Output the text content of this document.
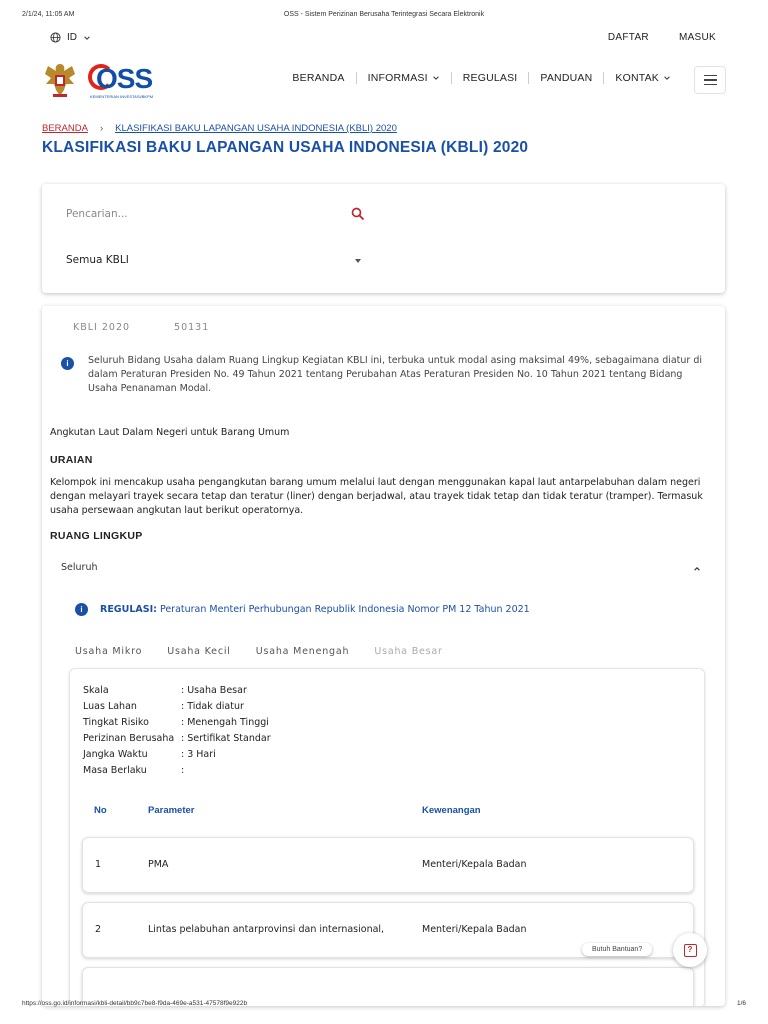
2/1/24, 11:05 AM	OSS - Sistem Perizinan Berusaha Terintegrasi Secara Elektronik
ID	DAFTAR	MASUK
OSS
KEMENTERIAN INVESTASI/BKPM
BERANDA INFORMASI	REGULASI PANDUAN KONTAK
BERANDA › KLASIFIKASI BAKU LAPANGAN USAHA INDONESIA (KBLI) 2020
KLASIFIKASI BAKU LAPANGAN USAHA INDONESIA (KBLI) 2020
Pencarian...
Semua KBLI
KBLI 2020	50131
i	Seluruh Bidang Usaha dalam Ruang Lingkup Kegiatan KBLI ini, terbuka untuk modal asing maksimal 49%, sebagaimana diatur di dalam Peraturan Presiden No. 49 Tahun 2021 tentang Perubahan Atas Peraturan Presiden No. 10 Tahun 2021 tentang Bidang Usaha Penanaman Modal.
Angkutan Laut Dalam Negeri untuk Barang Umum
URAIAN
Kelompok ini mencakup usaha pengangkutan barang umum melalui laut dengan menggunakan kapal laut antarpelabuhan dalam negeri dengan melayari trayek secara tetap dan teratur (liner) dengan berjadwal, atau trayek tidak tetap dan tidak teratur (tramper). Termasuk usaha persewaan angkutan laut berikut operatornya.
RUANG LINGKUP
Seluruh
i	REGULASI: Peraturan Menteri Perhubungan Republik Indonesia Nomor PM 12 Tahun 2021
Usaha Mikro	Usaha Kecil	Usaha Menengah	Usaha Besar
Skala	: Usaha Besar
Luas Lahan	: Tidak diatur
Tingkat Risiko	: Menengah Tinggi
Perizinan Berusaha : Sertifikat Standar
Jangka Waktu	: 3 Hari
Masa Berlaku	:
No	Parameter	Kewenangan
1	PMA	Menteri/Kepala Badan
2	Lintas pelabuhan antarprovinsi dan internasional,	Menteri/Kepala Badan
Butuh Bantuan?	?
https://oss.go.id/informasi/kbli-detail/bb9c7be8-f9da-469e-a531-47578f9e922b	1/6
